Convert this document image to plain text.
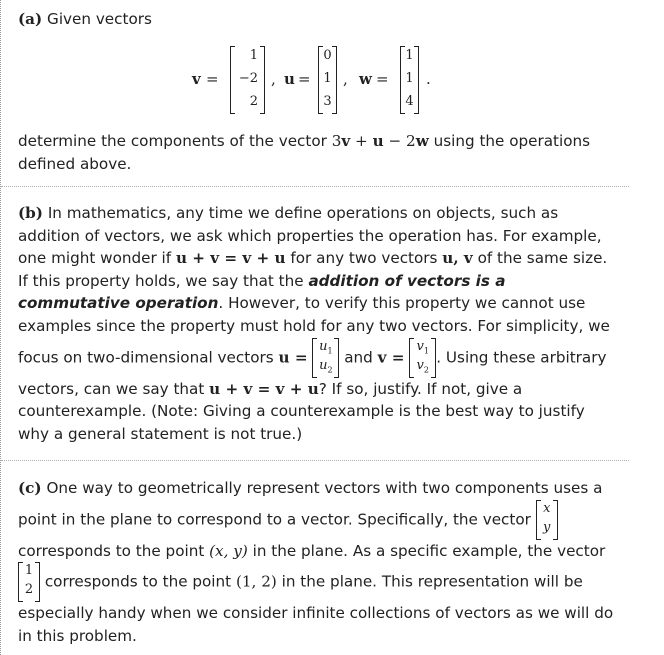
(a) Given vectors

v =
1
−2
2
, u =
0
1
3
, w =
1
1
4
.

determine the components of the vector 3v + u − 2w using the operations defined above.

(b) In mathematics, any time we define operations on objects, such as addition of vectors, we ask which properties the operation has. For example, one might wonder if u + v = v + u for any two vectors u, v of the same size. If this property holds, we say that the addition of vectors is a commutative operation. However, to verify this property we cannot use examples since the property must hold for any two vectors. For simplicity, we focus on two-dimensional vectors u =
$u_1$
$u_2$
and v =
$v_1$
$v_2$
. Using these arbitrary vectors, can we say that u + v = v + u? If so, justify. If not, give a counterexample. (Note: Giving a counterexample is the best way to justify why a general statement is not true.)

(c) One way to geometrically represent vectors with two components uses a point in the plane to correspond to a vector. Specifically, the vector
x
y
corresponds to the point (x, y) in the plane. As a specific example, the vector
1
2 corresponds to the point (1, 2) in the plane. This representation will be especially handy when we consider infinite collections of vectors as we will do in this problem.
